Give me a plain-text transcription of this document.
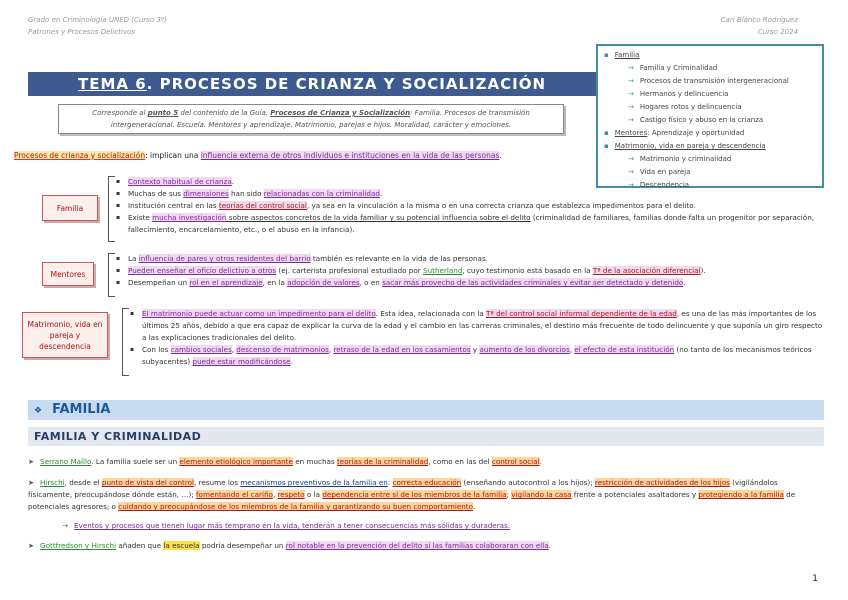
Grado en Criminología UNED (Curso 3º)
Patrones y Procesos Delictivos
Cari Blanco Rodríguez
Curso 2024
TEMA 6. PROCESOS DE CRIANZA Y SOCIALIZACIÓN
▪ Familia
→ Familia y Criminalidad
→ Procesos de transmisión intergeneracional
→ Hermanos y delincuencia
→ Hogares rotos y delincuencia
→ Castigo físico y abuso en la crianza
▪ Mentores: Aprendizaje y oportunidad
▪ Matrimonio, vida en pareja y descendencia
→ Matrimonio y criminalidad
→ Vida en pareja
→ Descendencia
Corresponde al punto 5 del contenido de la Guía. Procesos de Crianza y Socialización: Familia. Procesos de transmisión intergeneracional. Escuela. Mentores y aprendizaje. Matrimonio, parejas e hijos. Moralidad, carácter y emociones.
Procesos de crianza y socialización: implican una influencia externa de otros individuos e instituciones en la vida de las personas.
Familia
▪ Contexto habitual de crianza.
▪ Muchas de sus dimensiones han sido relacionadas con la criminalidad.
▪ Institución central en las teorías del control social, ya sea en la vinculación a la misma o en una correcta crianza que establezca impedimentos para el delito.
▪ Existe mucha investigación sobre aspectos concretos de la vida familiar y su potencial influencia sobre el delito (criminalidad de familiares, familias donde falta un progenitor por separación, fallecimiento, encarcelamiento, etc., o el abuso en la infancia).
Mentores
▪ La influencia de pares y otros residentes del barrio también es relevante en la vida de las personas.
▪ Pueden enseñar el oficio delictivo a otros (ej. carterista profesional estudiado por Sutherland, cuyo testimonio está basado en la Tª de la asociación diferencial).
▪ Desempeñan un rol en el aprendizaje, en la adopción de valores, o en sacar más provecho de las actividades criminales y evitar ser detectado y detenido.
Matrimonio, vida en pareja y descendencia
▪ El matrimonio puede actuar como un impedimento para el delito. Esta idea, relacionada con la Tª del control social informal dependiente de la edad, es una de las más importantes de los últimos 25 años, debido a que era capaz de explicar la curva de la edad y el cambio en las carreras criminales, el destino más frecuente de todo delincuente y que suponía un giro respecto a las explicaciones tradicionales del delito.
▪ Con los cambios sociales, descenso de matrimonios, retraso de la edad en los casamientos y aumento de los divorcios, el efecto de esta institución (no tanto de los mecanismos teóricos subyacentes) puede estar modificándose.
❖ FAMILIA
FAMILIA Y CRIMINALIDAD
➤ Serrano Maíllo. La familia suele ser un elemento etiológico importante en muchas teorías de la criminalidad, como en las del control social.
➤ Hirschi, desde el punto de vista del control, resume los mecanismos preventivos de la familia en: correcta educación (enseñando autocontrol a los hijos); restricción de actividades de los hijos (vigilándolos físicamente, preocupándose dónde están, …); fomentando el cariño, respeto o la dependencia entre sí de los miembros de la familia; vigilando la casa frente a potenciales asaltadores y protegiendo a la familia de potenciales agresores; o cuidando y preocupándose de los miembros de la familia y garantizando su buen comportamiento.
→ Eventos y procesos que tienen lugar más temprano en la vida, tenderán a tener consecuencias más sólidas y duraderas.
➤ Gottfredson y Hirschi añaden que la escuela podría desempeñar un rol notable en la prevención del delito si las familias colaboraran con ella.
1
